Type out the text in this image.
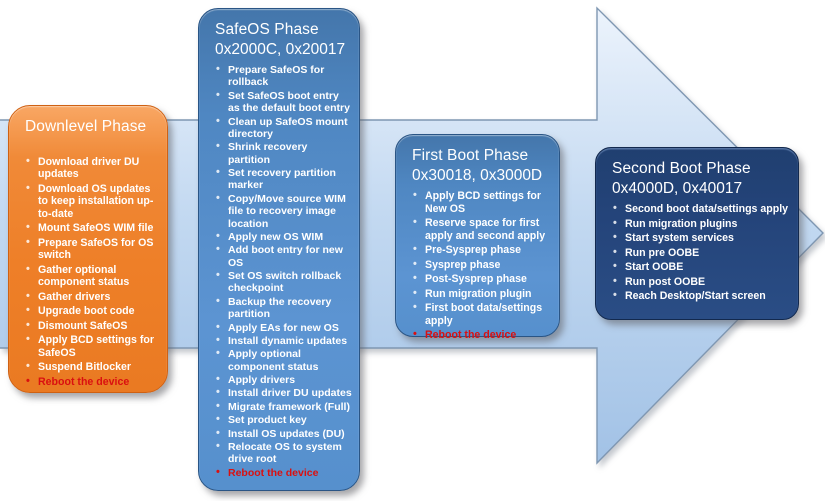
Downlevel Phase
• Download driver DU updates
• Download OS updates to keep installation up-to-date
• Mount SafeOS WIM file
• Prepare SafeOS for OS switch
• Gather optional component status
• Gather drivers
• Upgrade boot code
• Dismount SafeOS
• Apply BCD settings for SafeOS
• Suspend Bitlocker
• Reboot the device
SafeOS Phase
0x2000C, 0x20017
• Prepare SafeOS for rollback
• Set SafeOS boot entry as the default boot entry
• Clean up SafeOS mount directory
• Shrink recovery partition
• Set recovery partition marker
• Copy/Move source WIM file to recovery image location
• Apply new OS WIM
• Add boot entry for new OS
• Set OS switch rollback checkpoint
• Backup the recovery partition
• Apply EAs for new OS
• Install dynamic updates
• Apply optional component status
• Apply drivers
• Install driver DU updates
• Migrate framework (Full)
• Set product key
• Install OS updates (DU)
• Relocate OS to system drive root
• Reboot the device
First Boot Phase
0x30018, 0x3000D
• Apply BCD settings for New OS
• Reserve space for first apply and second apply
• Pre-Sysprep phase
• Sysprep phase
• Post-Sysprep phase
• Run migration plugin
• First boot data/settings apply
• Reboot the device
Second Boot Phase
0x4000D, 0x40017
• Second boot data/settings apply
• Run migration plugins
• Start system services
• Run pre OOBE
• Start OOBE
• Run post OOBE
• Reach Desktop/Start screen
